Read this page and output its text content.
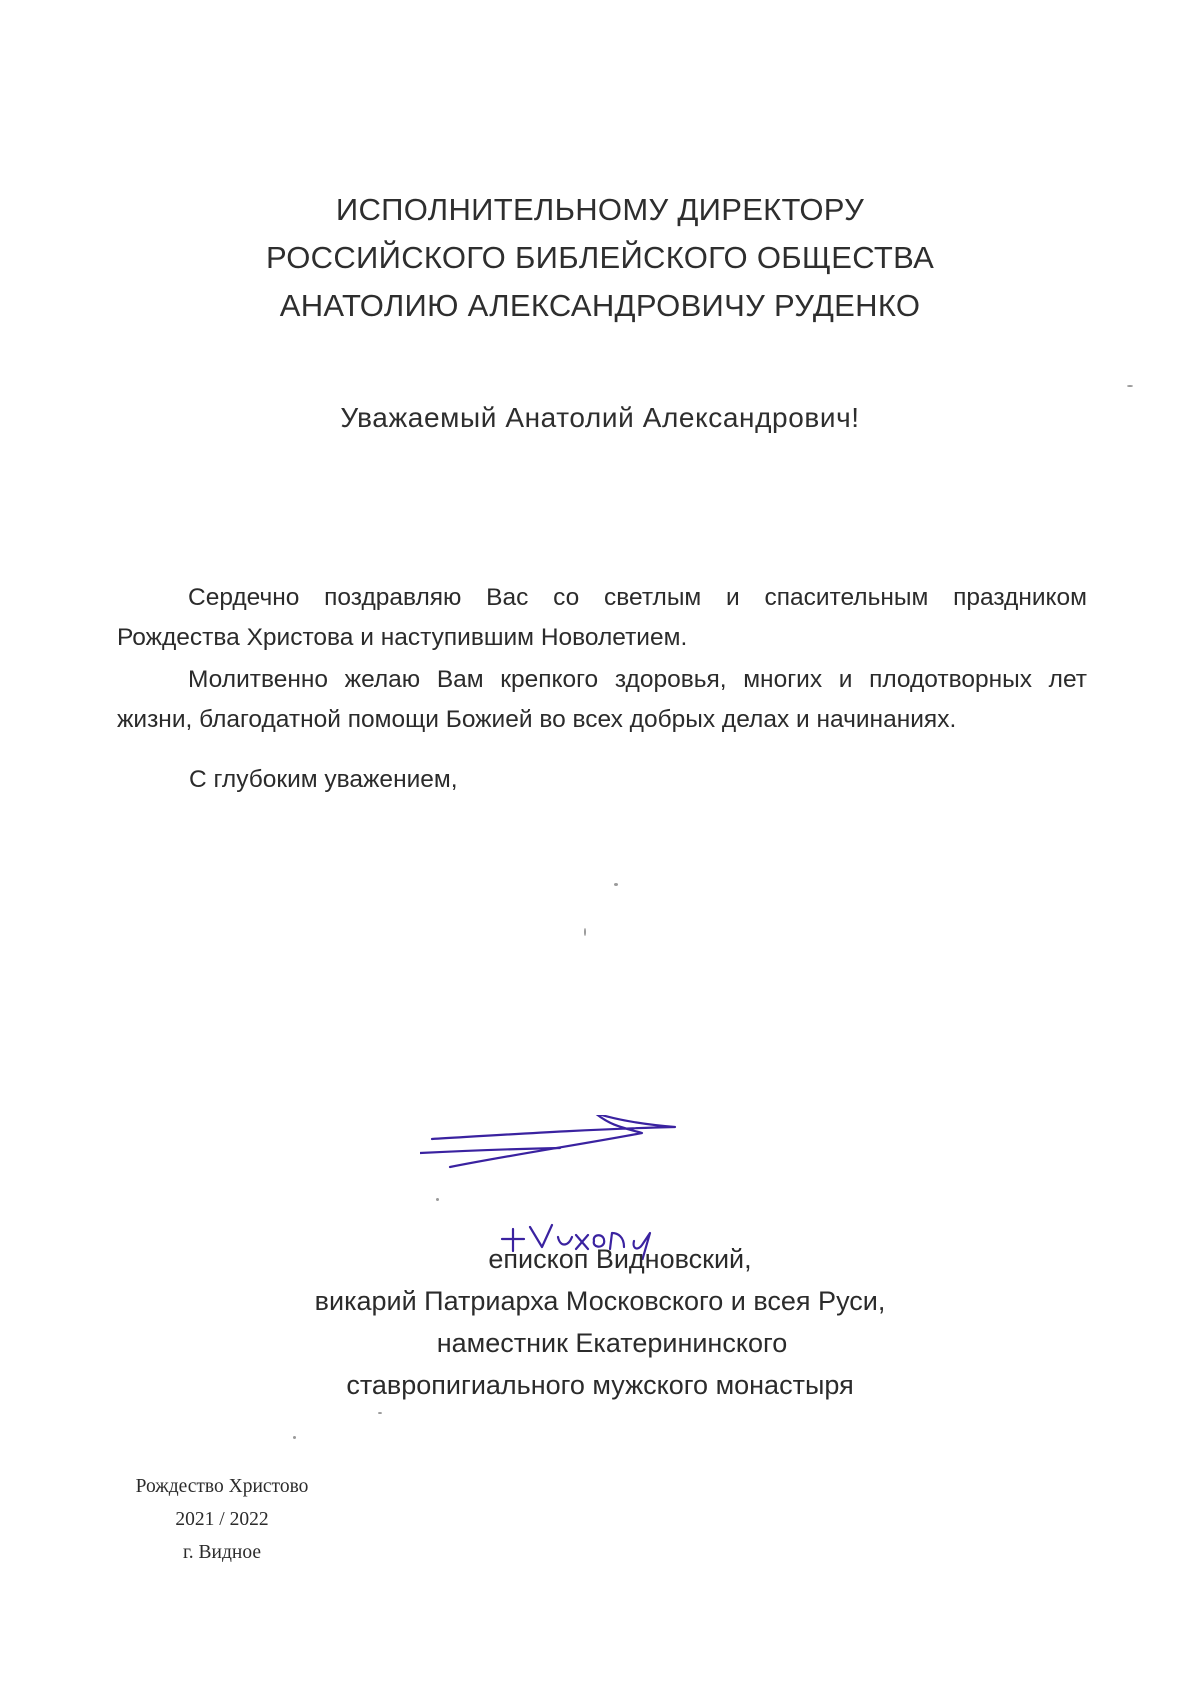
ИСПОЛНИТЕЛЬНОМУ ДИРЕКТОРУ
РОССИЙСКОГО БИБЛЕЙСКОГО ОБЩЕСТВА
АНАТОЛИЮ АЛЕКСАНДРОВИЧУ РУДЕНКО
Уважаемый Анатолий Александрович!

Сердечно поздравляю Вас со светлым и спасительным праздником Рождества Христова и наступившим Новолетием.

Молитвенно желаю Вам крепкого здоровья, многих и плодотворных лет жизни, благодатной помощи Божией во всех добрых делах и начинаниях.

С глубоким уважением,
епископ Видновский,
викарий Патриарха Московского и всея Руси,
наместник Екатерининского
ставропигиального мужского монастыря
Рождество Христово
2021 / 2022
г. Видное
